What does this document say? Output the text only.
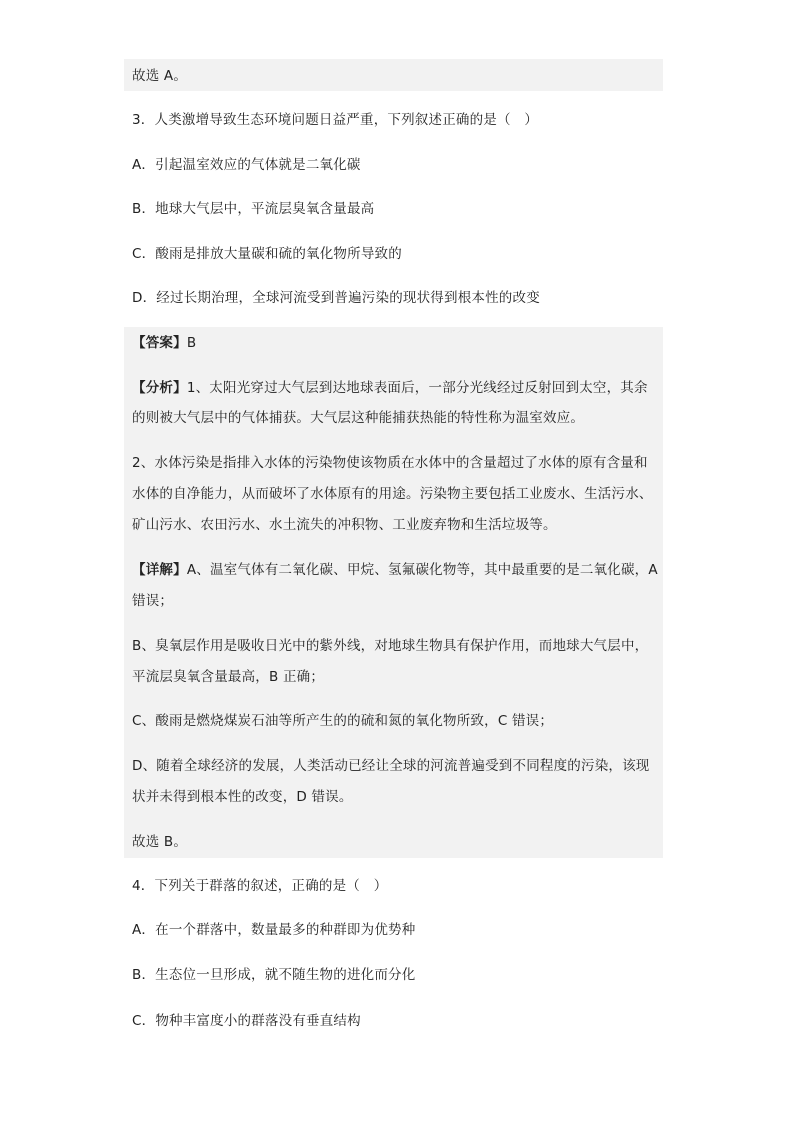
故选 A。
3．人类激增导致生态环境问题日益严重，下列叙述正确的是（　）
A．引起温室效应的气体就是二氧化碳
B．地球大气层中，平流层臭氧含量最高
C．酸雨是排放大量碳和硫的氧化物所导致的
D．经过长期治理，全球河流受到普遍污染的现状得到根本性的改变
【答案】B
【分析】1、太阳光穿过大气层到达地球表面后，一部分光线经过反射回到太空，其余
的则被大气层中的气体捕获。大气层这种能捕获热能的特性称为温室效应。
2、水体污染是指排入水体的污染物使该物质在水体中的含量超过了水体的原有含量和
水体的自净能力，从而破坏了水体原有的用途。污染物主要包括工业废水、生活污水、
矿山污水、农田污水、水土流失的冲积物、工业废弃物和生活垃圾等。
【详解】A、温室气体有二氧化碳、甲烷、氢氟碳化物等，其中最重要的是二氧化碳，A
错误；
B、臭氧层作用是吸收日光中的紫外线，对地球生物具有保护作用，而地球大气层中，
平流层臭氧含量最高，B 正确；
C、酸雨是燃烧煤炭石油等所产生的的硫和氮的氧化物所致，C 错误；
D、随着全球经济的发展，人类活动已经让全球的河流普遍受到不同程度的污染，该现
状并未得到根本性的改变，D 错误。
故选 B。
4．下列关于群落的叙述，正确的是（　）
A．在一个群落中，数量最多的种群即为优势种
B．生态位一旦形成，就不随生物的进化而分化
C．物种丰富度小的群落没有垂直结构
